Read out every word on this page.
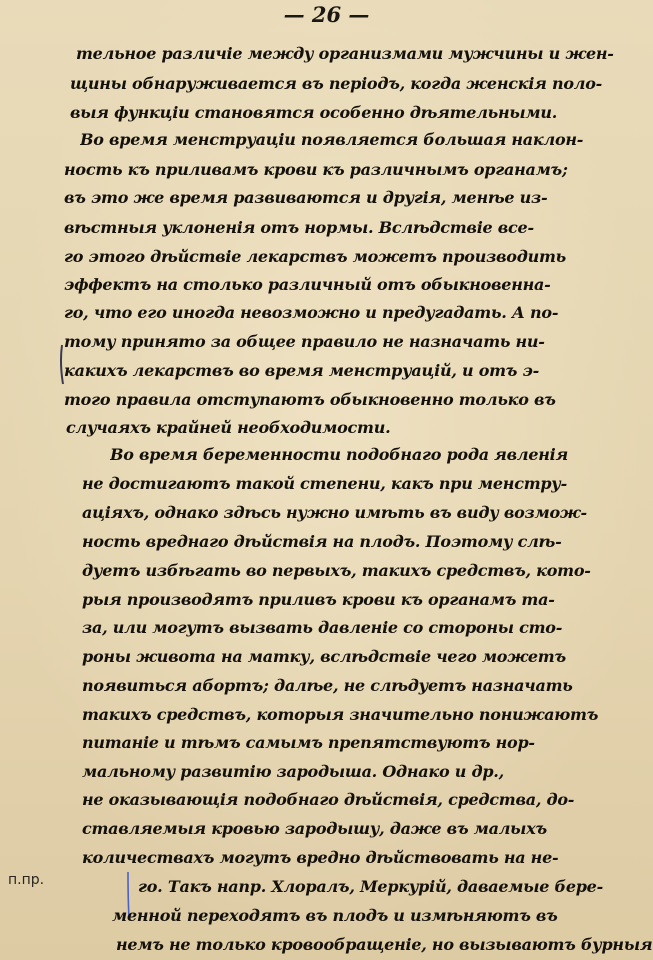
— 26 —
п.пр.
тельное различiе между организмами мужчины и жен-
щины обнаруживается въ періодъ, когда женскія поло-
выя функціи становятся особенно дѣятельными.
Во время менструаціи появляется большая наклон-
ность къ приливамъ крови къ различнымъ органамъ;
въ это же время развиваются и другія, менѣе из-
вѣстныя уклоненія отъ нормы. Вслѣдствіе все-
го этого дѣйствіе лекарствъ можетъ производить
эффектъ на столько различный отъ обыкновенна-
го, что его иногда невозможно и предугадать. А по-
тому принято за общее правило не назначать ни-
какихъ лекарствъ во время менструацій, и отъ э-
того правила отступаютъ обыкновенно только въ
случаяхъ крайней необходимости.
Во время беременности подобнаго рода явленія
не достигаютъ такой степени, какъ при менстру-
аціяхъ, однако здѣсь нужно имѣть въ виду возмож-
ность вреднаго дѣйствія на плодъ. Поэтому слѣ-
дуетъ избѣгать во первыхъ, такихъ средствъ, кото-
рыя производятъ приливъ крови къ органамъ та-
за, или могутъ вызвать давленіе со стороны сто-
роны живота на матку, вслѣдствіе чего можетъ
появиться абортъ; далѣе, не слѣдуетъ назначать
такихъ средствъ, которыя значительно понижаютъ
питаніе и тѣмъ самымъ препятствуютъ нор-
мальному развитію зародыша. Однако и др.,
не оказывающія подобнаго дѣйствія, средства, до-
ставляемыя кровью зародышу, даже въ малыхъ
количествахъ могутъ вредно дѣйствовать на не-
го. Такъ напр. Хлоралъ, Меркурій, даваемые бере-
менной переходятъ въ плодъ и измѣняютъ въ
немъ не только кровообращеніе, но вызываютъ бурныя
